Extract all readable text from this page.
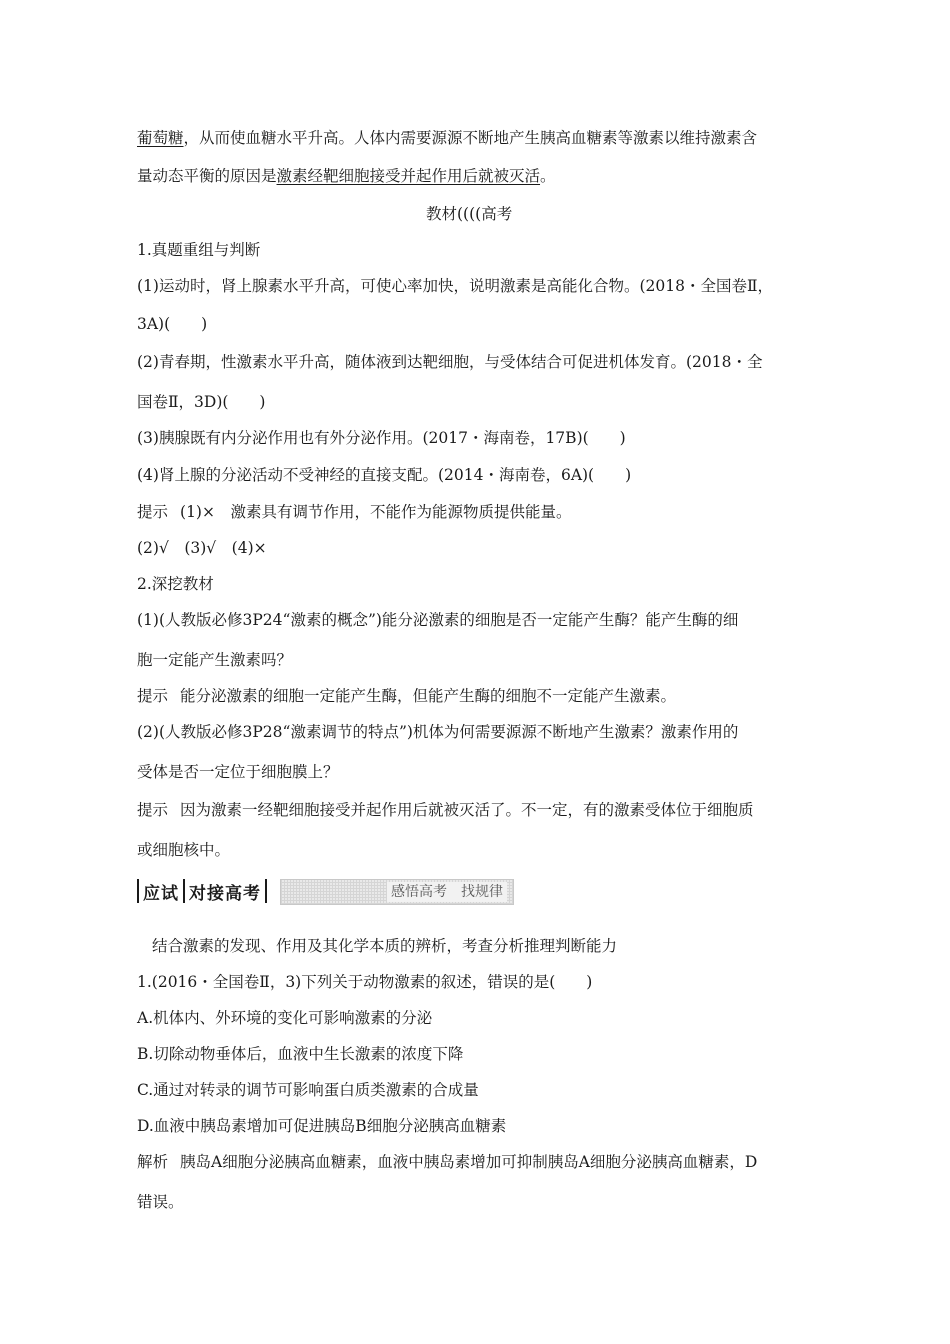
葡萄糖，从而使血糖水平升高。人体内需要源源不断地产生胰高血糖素等激素以维持激素含
量动态平衡的原因是激素经靶细胞接受并起作用后就被灭活。
教材((((高考
1.真题重组与判断
(1)运动时，肾上腺素水平升高，可使心率加快，说明激素是高能化合物。(2018・全国卷Ⅱ，
3A)(　　)
(2)青春期，性激素水平升高，随体液到达靶细胞，与受体结合可促进机体发育。(2018・全
国卷Ⅱ，3D)(　　)
(3)胰腺既有内分泌作用也有外分泌作用。(2017・海南卷，17B)(　　)
(4)肾上腺的分泌活动不受神经的直接支配。(2014・海南卷，6A)(　　)
提示 (1)×　激素具有调节作用，不能作为能源物质提供能量。
(2)√　(3)√　(4)×
2.深挖教材
(1)(人教版必修3P24“激素的概念”)能分泌激素的细胞是否一定能产生酶？能产生酶的细
胞一定能产生激素吗？
提示 能分泌激素的细胞一定能产生酶，但能产生酶的细胞不一定能产生激素。
(2)(人教版必修3P28“激素调节的特点”)机体为何需要源源不断地产生激素？激素作用的
受体是否一定位于细胞膜上？
提示 因为激素一经靶细胞接受并起作用后就被灭活了。不一定，有的激素受体位于细胞质
或细胞核中。
应试 对接高考	感悟高考　找规律
结合激素的发现、作用及其化学本质的辨析，考查分析推理判断能力
1.(2016・全国卷Ⅱ，3)下列关于动物激素的叙述，错误的是(　　)
A.机体内、外环境的变化可影响激素的分泌
B.切除动物垂体后，血液中生长激素的浓度下降
C.通过对转录的调节可影响蛋白质类激素的合成量
D.血液中胰岛素增加可促进胰岛B细胞分泌胰高血糖素
解析 胰岛A细胞分泌胰高血糖素，血液中胰岛素增加可抑制胰岛A细胞分泌胰高血糖素，D
错误。
